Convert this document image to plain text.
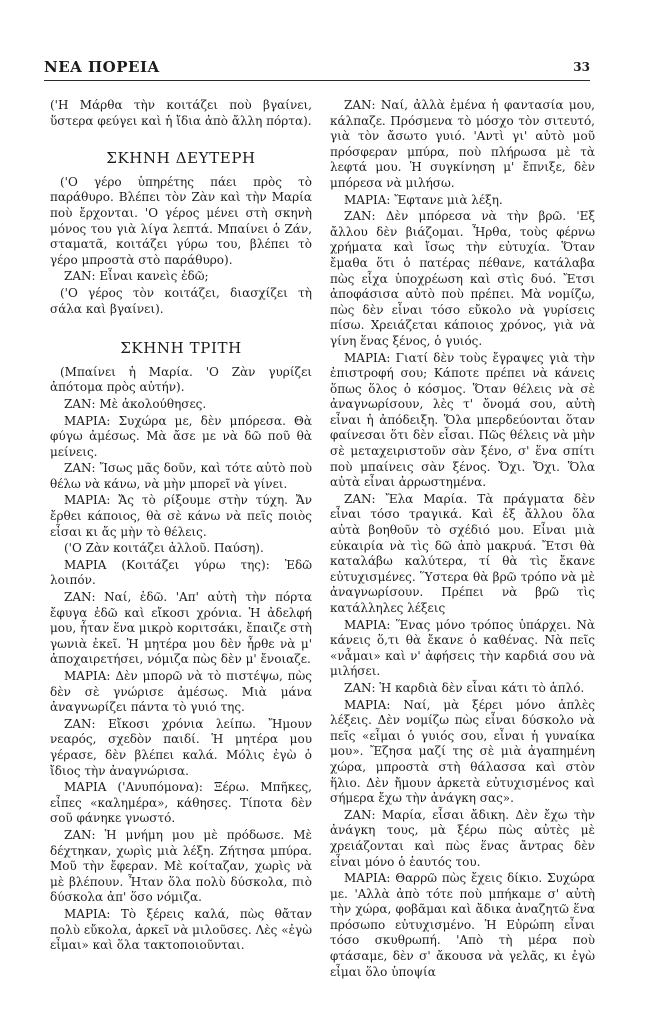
ΝΕΑ ΠΟΡΕΙΑ	33

('Η Μάρθα τὴν κοιτάζει ποὺ βγαίνει, ὕστερα φεύγει καὶ ἡ ἴδια ἀπὸ ἄλλη πόρτα).

ΣΚΗΝΗ ΔΕΥΤΕΡΗ

('Ο γέρο ὑπηρέτης πάει πρὸς τὸ παράθυρο. Βλέπει τὸν Ζὰν καὶ τὴν Μαρία ποὺ ἔρχονται. 'Ο γέρος μένει στὴ σκηνὴ μόνος του γιὰ λίγα λεπτά. Μπαίνει ὁ Ζάν, σταματᾶ, κοιτάζει γύρω του, βλέπει τὸ γέρο μπροστὰ στὸ παράθυρο).

ΖΑΝ: Εἶναι κανεὶς ἐδῶ;

('Ο γέρος τὸν κοιτάζει, διασχίζει τὴ σάλα καὶ βγαίνει).

ΣΚΗΝΗ ΤΡΙΤΗ

(Μπαίνει ἡ Μαρία. 'Ο Ζὰν γυρίζει ἀπότομα πρὸς αὐτήν).

ΖΑΝ: Μὲ ἀκολούθησες.

ΜΑΡΙΑ: Συχώρα με, δὲν μπόρεσα. Θὰ φύγω ἀμέσως. Μὰ ἄσε με νὰ δῶ ποῦ θὰ μείνεις.

ΖΑΝ: Ἴσως μᾶς δοῦν, καὶ τότε αὐτὸ ποὺ θέλω νὰ κάνω, νὰ μὴν μπορεῖ νὰ γίνει.

ΜΑΡΙΑ: Ἄς τὸ ρίξουμε στὴν τύχη. Ἄν ἔρθει κάποιος, θὰ σὲ κάνω νὰ πεῖς ποιὸς εἶσαι κι ἄς μὴν τὸ θέλεις.

('Ο Ζὰν κοιτάζει ἀλλοῦ. Παύση).

ΜΑΡΙΑ (Κοιτάζει γύρω της): Ἐδῶ λοιπόν.

ΖΑΝ: Ναί, ἐδῶ. 'Απ' αὐτὴ τὴν πόρτα ἔφυγα ἐδῶ καὶ εἴκοσι χρόνια. Ἡ ἀδελφή μου, ἦταν ἕνα μικρὸ κοριτσάκι, ἔπαιζε στὴ γωνιὰ ἐκεῖ. Ἡ μητέρα μου δὲν ἦρθε νὰ μ' ἀποχαιρετήσει, νόμιζα πὼς δὲν μ' ἔνοιαζε.

ΜΑΡΙΑ: Δὲν μπορῶ νὰ τὸ πιστέψω, πὼς δὲν σὲ γνώρισε ἀμέσως. Μιὰ μάνα ἀναγνωρίζει πάντα τὸ γυιό της.

ΖΑΝ: Εἴκοσι χρόνια λείπω. Ἤμουν νεαρός, σχεδὸν παιδί. Ἡ μητέρα μου γέρασε, δὲν βλέπει καλά. Μόλις ἐγὼ ὁ ἴδιος τὴν ἀναγνώρισα.

ΜΑΡΙΑ ('Ανυπόμονα): Ξέρω. Μπῆκες, εἶπες «καλημέρα», κάθησες. Τίποτα δὲν σοῦ φάνηκε γνωστό.

ΖΑΝ: Ἡ μνήμη μου μὲ πρόδωσε. Μὲ δέχτηκαν, χωρὶς μιὰ λέξη. Ζήτησα μπύρα. Μοῦ τὴν ἔφεραν. Μὲ κοίταζαν, χωρὶς νὰ μὲ βλέπουν. Ἦταν ὅλα πολὺ δύσκολα, πιὸ δύσκολα ἀπ' ὅσο νόμιζα.

ΜΑΡΙΑ: Τὸ ξέρεις καλά, πὼς θἄταν πολὺ εὔκολα, ἀρκεῖ νὰ μιλοῦσες. Λὲς «ἐγὼ εἶμαι» καὶ ὅλα τακτοποιοῦνται.

ΖΑΝ: Ναί, ἀλλὰ ἐμένα ἡ φαντασία μου, κάλπαζε. Πρόσμενα τὸ μόσχο τὸν σιτευτό, γιὰ τὸν ἄσωτο γυιό. 'Αντὶ γι' αὐτὸ μοῦ πρόσφεραν μπύρα, ποὺ πλήρωσα μὲ τὰ λεφτά μου. Ἡ συγκίνηση μ' ἔπνιξε, δὲν μπόρεσα νὰ μιλήσω.

ΜΑΡΙΑ: Ἔφτανε μιὰ λέξη.

ΖΑΝ: Δὲν μπόρεσα νὰ τὴν βρῶ. 'Εξ ἄλλου δὲν βιάζομαι. Ἦρθα, τοὺς φέρνω χρήματα καὶ ἴσως τὴν εὐτυχία. Ὅταν ἔμαθα ὅτι ὁ πατέρας πέθανε, κατάλαβα πὼς εἶχα ὑποχρέωση καὶ στὶς δυό. Ἔτσι ἀποφάσισα αὐτὸ ποὺ πρέπει. Μὰ νομίζω, πὼς δὲν εἶναι τόσο εὔκολο νὰ γυρίσεις πίσω. Χρειάζεται κάποιος χρόνος, γιὰ νὰ γίνη ἕνας ξένος, ὁ γυιός.

ΜΑΡΙΑ: Γιατί δὲν τοὺς ἔγραψες γιὰ τὴν ἐπιστροφή σου; Κάποτε πρέπει νὰ κάνεις ὅπως ὅλος ὁ κόσμος. Ὅταν θέλεις νὰ σὲ ἀναγνωρίσουν, λὲς τ' ὄνομά σου, αὐτὴ εἶναι ἡ ἀπόδειξη. Ὅλα μπερδεύονται ὅταν φαίνεσαι ὅτι δὲν εἶσαι. Πῶς θέλεις νὰ μὴν σὲ μεταχειριστοῦν σὰν ξένο, σ' ἕνα σπίτι ποὺ μπαίνεις σὰν ξένος. Ὄχι. Ὄχι. Ὅλα αὐτὰ εἶναι ἀρρωστημένα.

ΖΑΝ: Ἔλα Μαρία. Τὰ πράγματα δὲν εἶναι τόσο τραγικά. Καὶ ἐξ ἄλλου ὅλα αὐτὰ βοηθοῦν τὸ σχέδιό μου. Εἶναι μιὰ εὐκαιρία νὰ τὶς δῶ ἀπὸ μακρυά. Ἔτσι θὰ καταλάβω καλύτερα, τί θὰ τὶς ἔκανε εὐτυχισμένες. Ὕστερα θὰ βρῶ τρόπο νὰ μὲ ἀναγνωρίσουν. Πρέπει νὰ βρῶ τὶς κατάλληλες λέξεις

ΜΑΡΙΑ: Ἕνας μόνο τρόπος ὑπάρχει. Νὰ κάνεις ὅ,τι θὰ ἔκανε ὁ καθένας. Νὰ πεῖς «νἆμαι» καὶ ν' ἀφήσεις τὴν καρδιά σου νὰ μιλήσει.

ΖΑΝ: Ἡ καρδιὰ δὲν εἶναι κάτι τὸ ἁπλό.

ΜΑΡΙΑ: Ναί, μὰ ξέρει μόνο ἁπλὲς λέξεις. Δὲν νομίζω πὼς εἶναι δύσκολο νὰ πεῖς «εἶμαι ὁ γυιός σου, εἶναι ἡ γυναίκα μου». Ἔζησα μαζί της σὲ μιὰ ἀγαπημένη χώρα, μπροστὰ στὴ θάλασσα καὶ στὸν ἥλιο. Δὲν ἤμουν ἀρκετὰ εὐτυχισμένος καὶ σήμερα ἔχω τὴν ἀνάγκη σας».

ΖΑΝ: Μαρία, εἶσαι ἄδικη. Δὲν ἔχω τὴν ἀνάγκη τους, μὰ ξέρω πὼς αὐτὲς μὲ χρειάζονται καὶ πὼς ἕνας ἄντρας δὲν εἶναι μόνο ὁ ἑαυτός του.

ΜΑΡΙΑ: Θαρρῶ πὼς ἔχεις δίκιο. Συχώρα με. 'Αλλὰ ἀπὸ τότε ποὺ μπήκαμε σ' αὐτὴ τὴν χώρα, φοβᾶμαι καὶ ἄδικα ἀναζητῶ ἕνα πρόσωπο εὐτυχισμένο. Ἡ Εὐρώπη εἶναι τόσο σκυθρωπή. 'Απὸ τὴ μέρα ποὺ φτάσαμε, δὲν σ' ἄκουσα νὰ γελᾶς, κι ἐγὼ εἶμαι ὅλο ὑποψία
